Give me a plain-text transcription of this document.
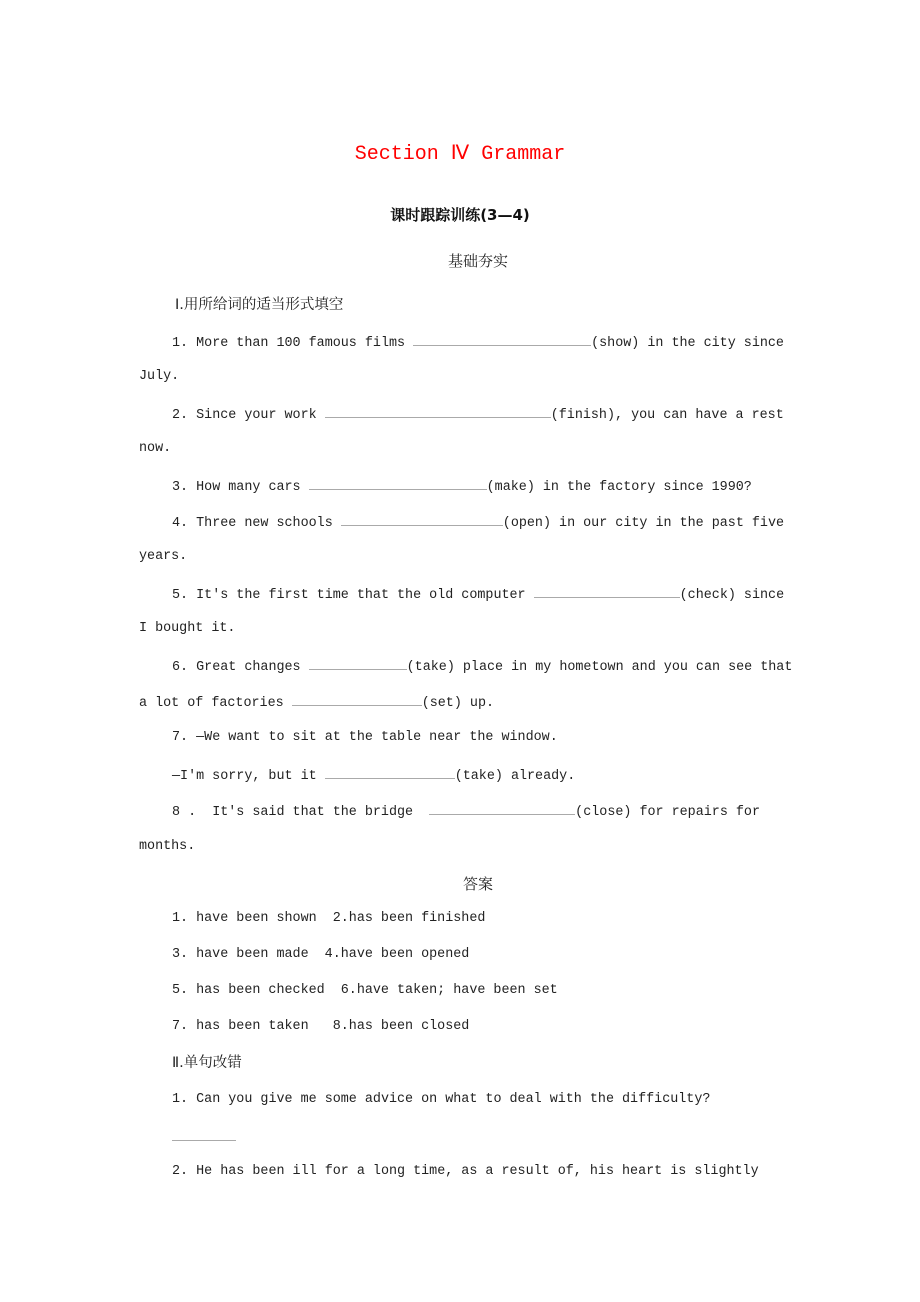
Section Ⅳ Grammar
课时跟踪训练(3—4)
基础夯实
Ⅰ.用所给词的适当形式填空
1. More than 100 famous films	(show) in the city since
July.
2. Since your work	(finish), you can have a rest
now.
3. How many cars	(make) in the factory since 1990?
4. Three new schools	(open) in our city in the past five
years.
5. It's the first time that the old computer	(check) since
I bought it.
6. Great changes	(take) place in my hometown and you can see that
a lot of factories	(set) up.
7. —We want to sit at the table near the window.
—I'm sorry, but it	(take) already.
8 . It's said that the bridge	(close) for repairs for
months.
答案
1. have been shown  2.has been finished
3. have been made  4.have been opened
5. has been checked  6.have taken; have been set
7. has been taken   8.has been closed
Ⅱ.单句改错
1. Can you give me some advice on what to deal with the difficulty?
2. He has been ill for a long time, as a result of, his heart is slightly
